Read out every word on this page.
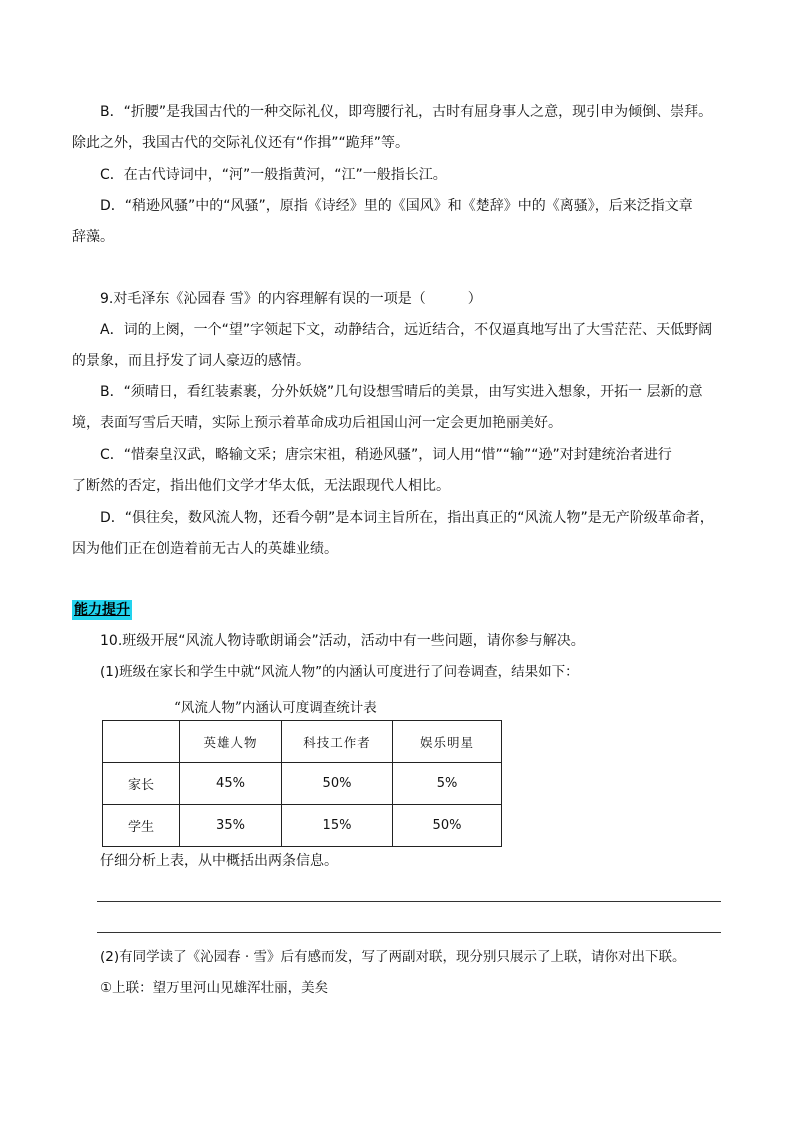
B．“折腰”是我国古代的一种交际礼仪，即弯腰行礼，古时有屈身事人之意，现引申为倾倒、崇拜。

除此之外，我国古代的交际礼仪还有“作揖”“跪拜”等。

C．在古代诗词中，“河”一般指黄河，“江”一般指长江。

D．“稍逊风骚”中的“风骚”，原指《诗经》里的《国风》和《楚辞》中的《离骚》，后来泛指文章

辞藻。

9.对毛泽东《沁园春 雪》的内容理解有误的一项是（　　　）

A．词的上阕，一个“望”字领起下文，动静结合，远近结合，不仅逼真地写出了大雪茫茫、天低野阔

的景象，而且抒发了词人豪迈的感情。

B．“须晴日，看红装素裹，分外妖娆”几句设想雪晴后的美景，由写实进入想象，开拓一 层新的意

境，表面写雪后天晴，实际上预示着革命成功后祖国山河一定会更加艳丽美好。

C．“惜秦皇汉武，略输文采；唐宗宋祖，稍逊风骚”，词人用“惜”“输”“逊”对封建统治者进行

了断然的否定，指出他们文学才华太低，无法跟现代人相比。

D．“俱往矣，数风流人物，还看今朝”是本词主旨所在，指出真正的“风流人物”是无产阶级革命者，

因为他们正在创造着前无古人的英雄业绩。

能力提升

10.班级开展“风流人物诗歌朗诵会”活动，活动中有一些问题，请你参与解决。

(1)班级在家长和学生中就“风流人物”的内涵认可度进行了问卷调查，结果如下：

“风流人物”内涵认可度调查统计表
	英雄人物	科技工作者	娱乐明星
家长	45%	50%	5%
学生	35%	15%	50%

仔细分析上表，从中概括出两条信息。

(2)有同学读了《沁园春 · 雪》后有感而发，写了两副对联，现分别只展示了上联，请你对出下联。

①上联：望万里河山见雄浑壮丽，美矣
